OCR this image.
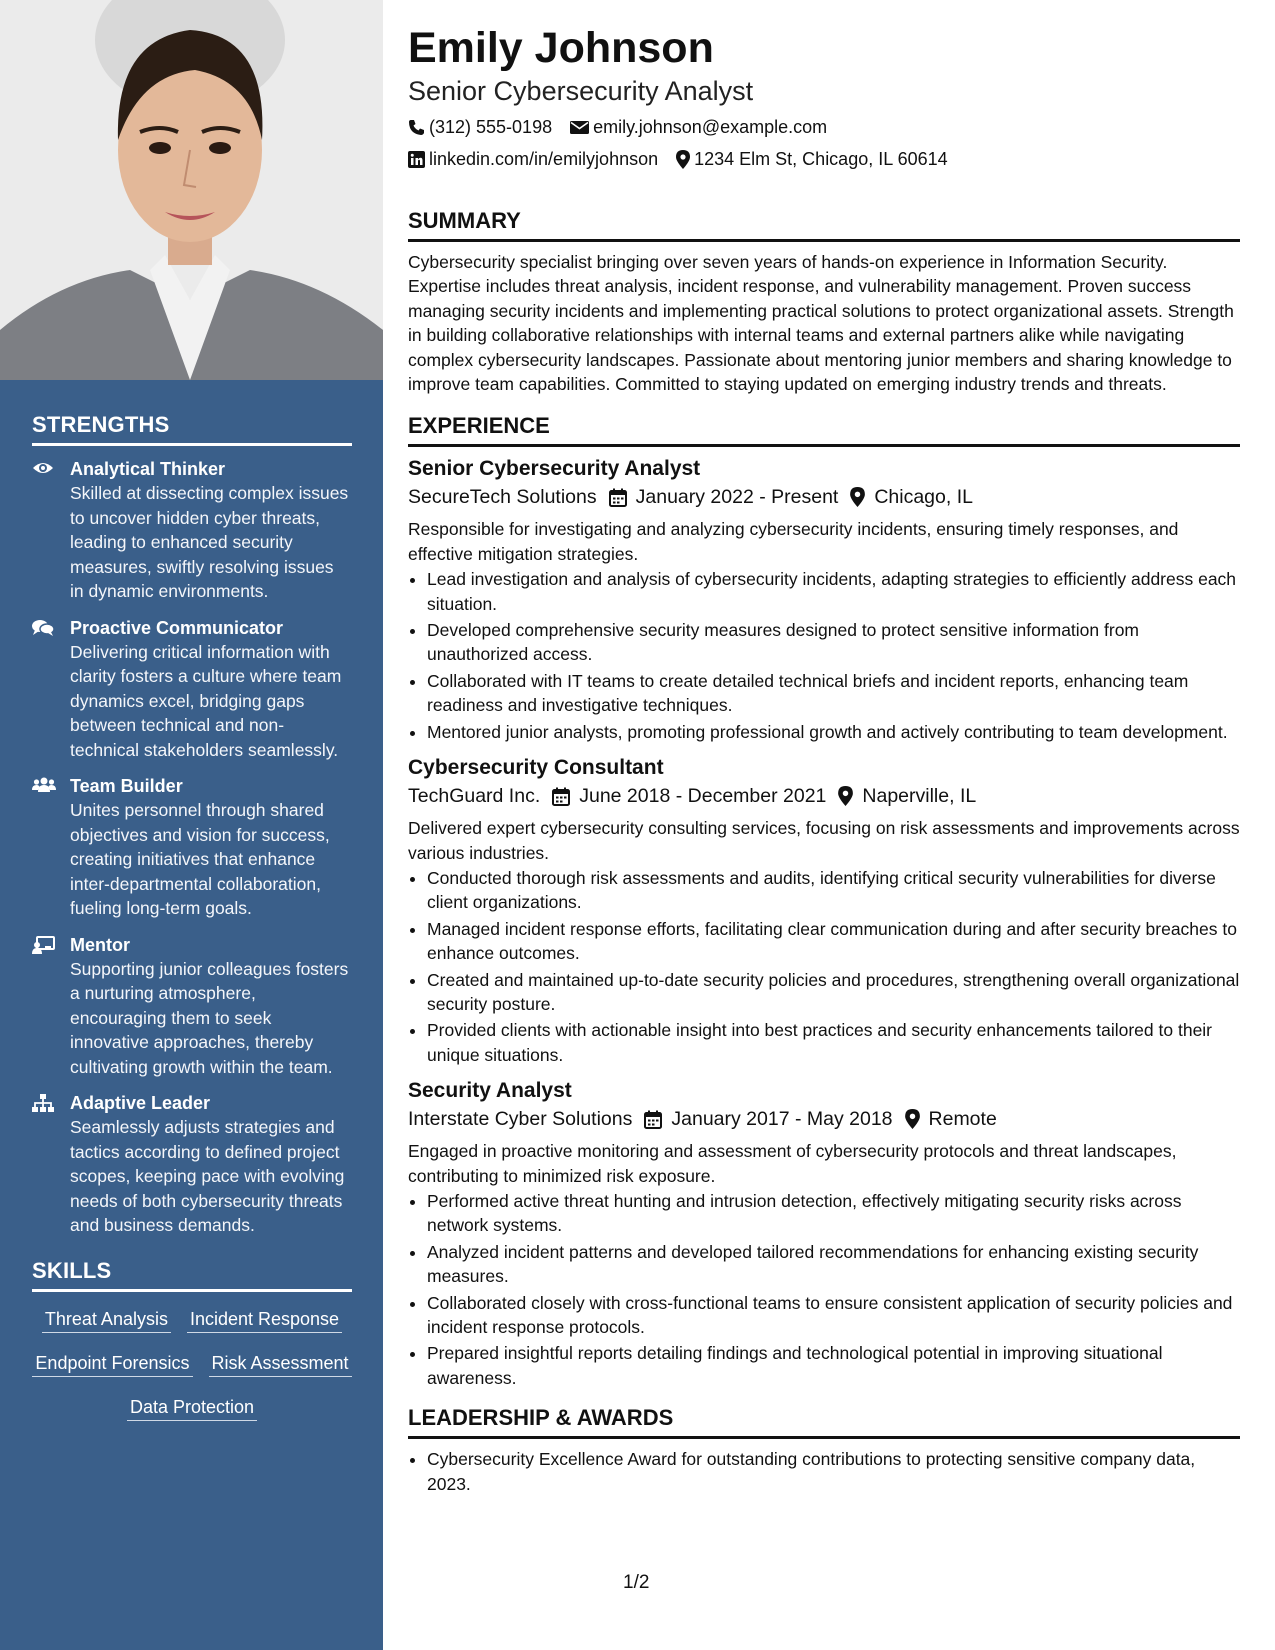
STRENGTHS
Analytical Thinker
Skilled at dissecting complex issues to uncover hidden cyber threats, leading to enhanced security measures, swiftly resolving issues in dynamic environments.
Proactive Communicator
Delivering critical information with clarity fosters a culture where team dynamics excel, bridging gaps between technical and non-technical stakeholders seamlessly.
Team Builder
Unites personnel through shared objectives and vision for success, creating initiatives that enhance inter-departmental collaboration, fueling long-term goals.
Mentor
Supporting junior colleagues fosters a nurturing atmosphere, encouraging them to seek innovative approaches, thereby cultivating growth within the team.
Adaptive Leader
Seamlessly adjusts strategies and tactics according to defined project scopes, keeping pace with evolving needs of both cybersecurity threats and business demands.
SKILLS
Threat Analysis Incident Response
Endpoint Forensics Risk Assessment
Data Protection
Emily Johnson
Senior Cybersecurity Analyst
(312) 555-0198 emily.johnson@example.com
linkedin.com/in/emilyjohnson 1234 Elm St, Chicago, IL 60614
SUMMARY
Cybersecurity specialist bringing over seven years of hands-on experience in Information Security. Expertise includes threat analysis, incident response, and vulnerability management. Proven success managing security incidents and implementing practical solutions to protect organizational assets. Strength in building collaborative relationships with internal teams and external partners alike while navigating complex cybersecurity landscapes. Passionate about mentoring junior members and sharing knowledge to improve team capabilities. Committed to staying updated on emerging industry trends and threats.
EXPERIENCE
Senior Cybersecurity Analyst
SecureTech Solutions January 2022 - Present Chicago, IL
Responsible for investigating and analyzing cybersecurity incidents, ensuring timely responses, and effective mitigation strategies.
• Lead investigation and analysis of cybersecurity incidents, adapting strategies to efficiently address each situation.
• Developed comprehensive security measures designed to protect sensitive information from unauthorized access.
• Collaborated with IT teams to create detailed technical briefs and incident reports, enhancing team readiness and investigative techniques.
• Mentored junior analysts, promoting professional growth and actively contributing to team development.
Cybersecurity Consultant
TechGuard Inc. June 2018 - December 2021 Naperville, IL
Delivered expert cybersecurity consulting services, focusing on risk assessments and improvements across various industries.
• Conducted thorough risk assessments and audits, identifying critical security vulnerabilities for diverse client organizations.
• Managed incident response efforts, facilitating clear communication during and after security breaches to enhance outcomes.
• Created and maintained up-to-date security policies and procedures, strengthening overall organizational security posture.
• Provided clients with actionable insight into best practices and security enhancements tailored to their unique situations.
Security Analyst
Interstate Cyber Solutions January 2017 - May 2018 Remote
Engaged in proactive monitoring and assessment of cybersecurity protocols and threat landscapes, contributing to minimized risk exposure.
• Performed active threat hunting and intrusion detection, effectively mitigating security risks across network systems.
• Analyzed incident patterns and developed tailored recommendations for enhancing existing security measures.
• Collaborated closely with cross-functional teams to ensure consistent application of security policies and incident response protocols.
• Prepared insightful reports detailing findings and technological potential in improving situational awareness.
LEADERSHIP & AWARDS
• Cybersecurity Excellence Award for outstanding contributions to protecting sensitive company data, 2023.
1/2
